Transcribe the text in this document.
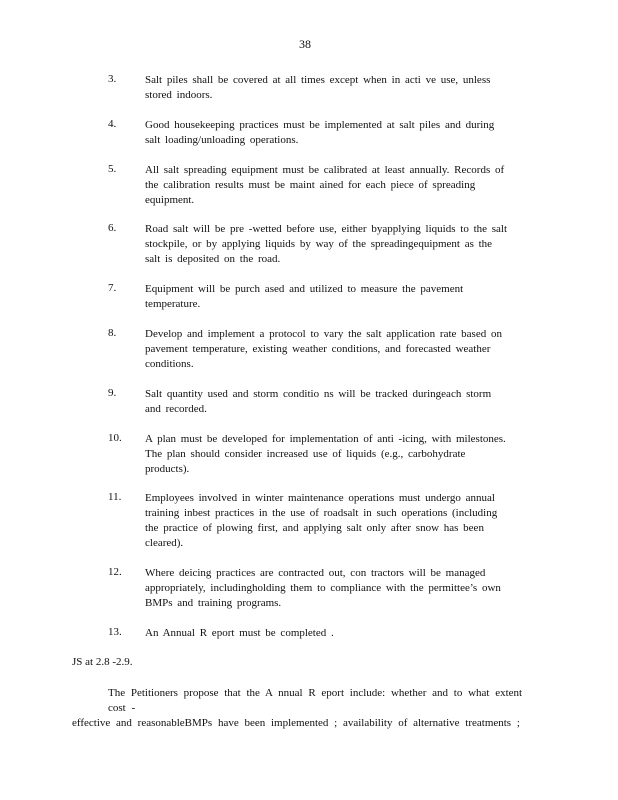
38
3.	Salt piles shall be covered at all times except when in acti ve use, unless stored indoors.
4.	Good housekeeping practices must be implemented at salt piles and during salt loading/unloading operations.
5.	All salt spreading equipment must be calibrated at least annually. Records of the calibration results must be maint ained for each piece of spreading equipment.
6.	Road salt will be pre -wetted before use, either byapplying liquids to the salt stockpile, or by applying liquids by way of the spreadingequipment as the salt is deposited on the road.
7.	Equipment will be purch ased and utilized to measure the pavement temperature.
8.	Develop and implement a protocol to vary the salt application rate based on pavement temperature, existing weather conditions, and forecasted weather conditions.
9.	Salt quantity used and storm conditio ns will be tracked duringeach storm and recorded.
10. A plan must be developed for implementation of anti -icing, with milestones. The plan should consider increased use of liquids (e.g., carbohydrate products).
11. Employees involved in winter maintenance operations must undergo annual training inbest practices in the use of roadsalt in such operations (including the practice of plowing first, and applying salt only after snow has been cleared).
12. Where deicing practices are contracted out, con tractors will be managed appropriately, includingholding them to compliance with the permittee’s own BMPs and training programs.
13. An Annual R eport must be completed .
JS at 2.8 -2.9.
The Petitioners propose that the A nnual R eport include: whether and to what extent cost -
effective and reasonableBMPs have been implemented ; availability of alternative treatments ;
